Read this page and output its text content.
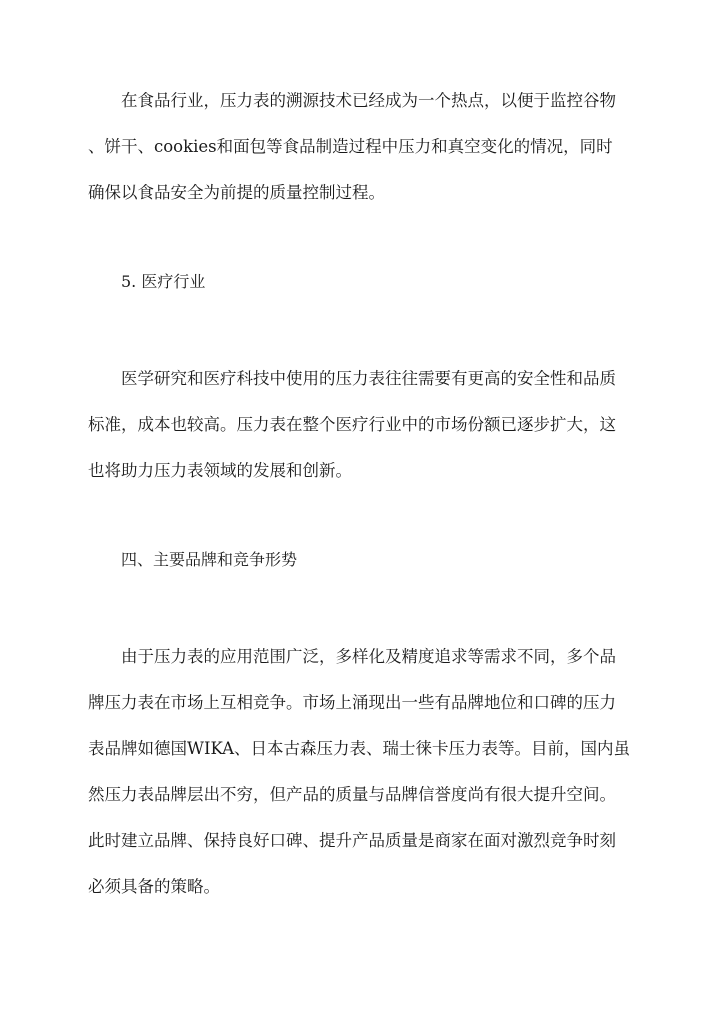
在食品行业，压力表的溯源技术已经成为一个热点，以便于监控谷物
、饼干、cookies和面包等食品制造过程中压力和真空变化的情况，同时
确保以食品安全为前提的质量控制过程。
5. 医疗行业
医学研究和医疗科技中使用的压力表往往需要有更高的安全性和品质
标准，成本也较高。压力表在整个医疗行业中的市场份额已逐步扩大，这
也将助力压力表领域的发展和创新。
四、主要品牌和竞争形势
由于压力表的应用范围广泛，多样化及精度追求等需求不同，多个品
牌压力表在市场上互相竞争。市场上涌现出一些有品牌地位和口碑的压力
表品牌如德国WIKA、日本古森压力表、瑞士徕卡压力表等。目前，国内虽
然压力表品牌层出不穷，但产品的质量与品牌信誉度尚有很大提升空间。
此时建立品牌、保持良好口碑、提升产品质量是商家在面对激烈竞争时刻
必须具备的策略。
